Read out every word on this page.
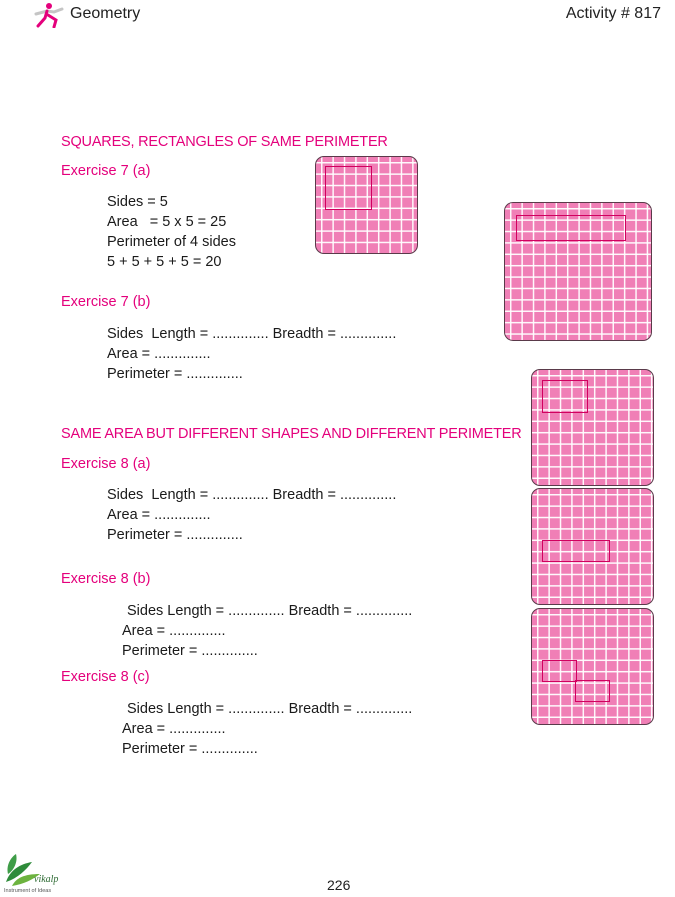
Geometry	Activity # 817
SQUARES, RECTANGLES OF SAME PERIMETER
Exercise 7 (a)
Sides = 5
Area   = 5 x 5 = 25
Perimeter of 4 sides
5 + 5 + 5 + 5 = 20
Exercise 7 (b)
Sides  Length = .............. Breadth = ..............
Area = ..............
Perimeter = ..............
SAME AREA BUT DIFFERENT SHAPES AND DIFFERENT PERIMETER
Exercise 8 (a)
Sides  Length = .............. Breadth = ..............
Area = ..............
Perimeter = ..............
Exercise 8 (b)
Sides Length = .............. Breadth = ..............
Area = ..............
Perimeter = ..............
Exercise 8 (c)
Sides Length = .............. Breadth = ..............
Area = ..............
Perimeter = ..............
vikalp
Instrument of Ideas	226
